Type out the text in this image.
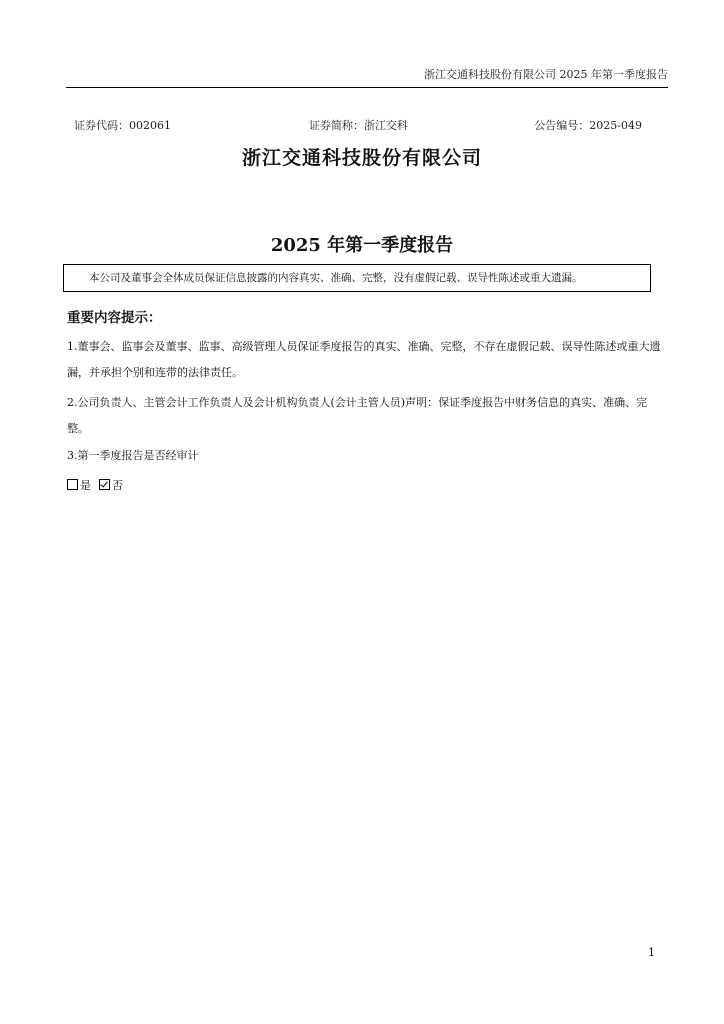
浙江交通科技股份有限公司 2025 年第一季度报告
证券代码：002061	证券简称：浙江交科	公告编号：2025-049
浙江交通科技股份有限公司
2025 年第一季度报告
本公司及董事会全体成员保证信息披露的内容真实、准确、完整，没有虚假记载、误导性陈述或重大遗漏。
重要内容提示：
1.董事会、监事会及董事、监事、高级管理人员保证季度报告的真实、准确、完整，不存在虚假记载、误导性陈述或重大遗漏，并承担个别和连带的法律责任。
2.公司负责人、主管会计工作负责人及会计机构负责人(会计主管人员)声明：保证季度报告中财务信息的真实、准确、完整。
3.第一季度报告是否经审计
是 否
1
